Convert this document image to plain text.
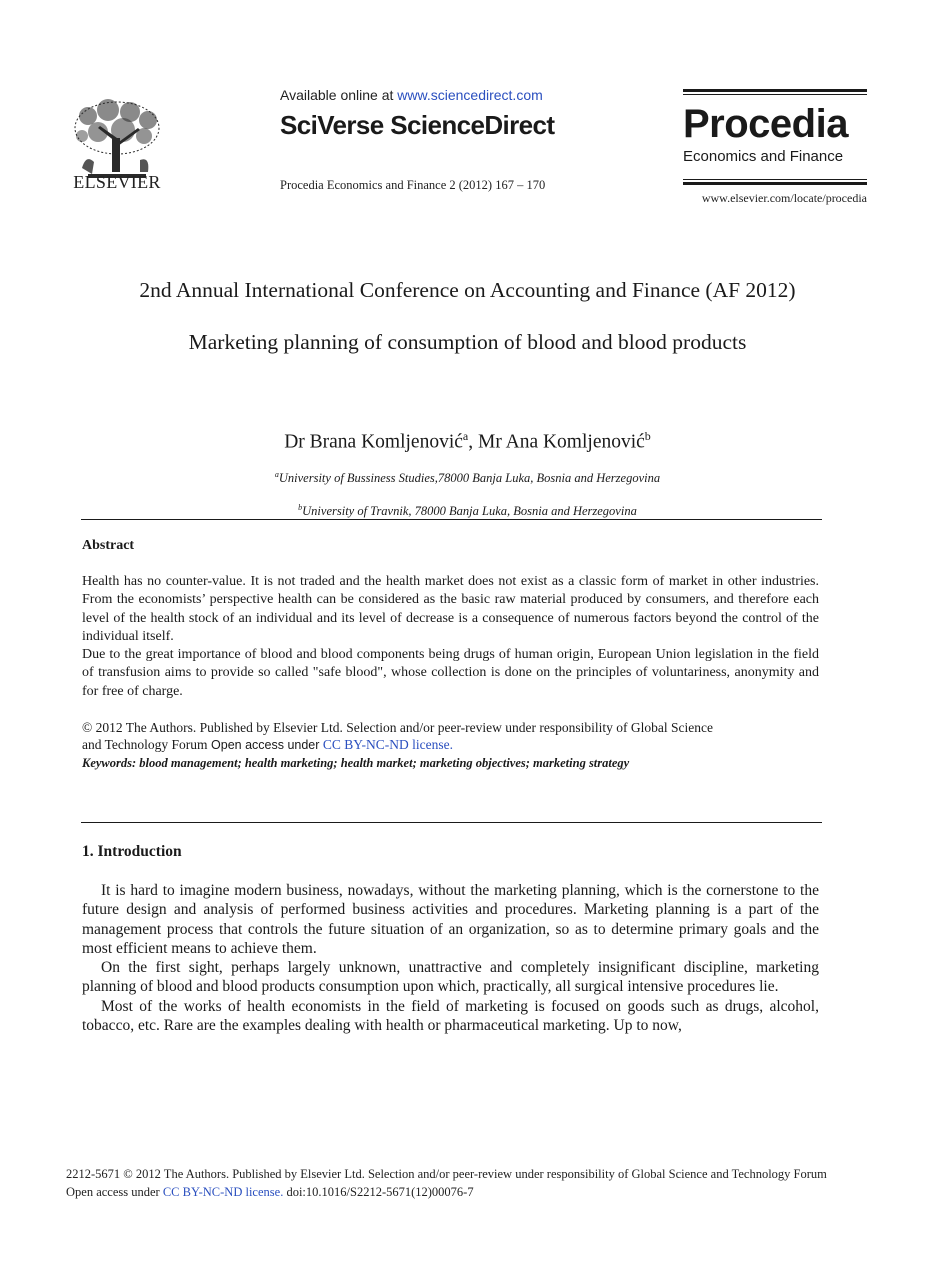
ELSEVIER
Available online at www.sciencedirect.com
SciVerse ScienceDirect
Procedia Economics and Finance 2 (2012) 167 – 170
Procedia
Economics and Finance
www.elsevier.com/locate/procedia
2nd Annual International Conference on Accounting and Finance (AF 2012)
Marketing planning of consumption of blood and blood products
Dr Brana Komljenović$^a$, Mr Ana Komljenović$^b$
$^a$University of Bussiness Studies,78000 Banja Luka, Bosnia and Herzegovina
$^b$University of Travnik, 78000 Banja Luka, Bosnia and Herzegovina
Abstract

Health has no counter-value. It is not traded and the health market does not exist as a classic form of market in other industries. From the economists’ perspective health can be considered as the basic raw material produced by consumers, and therefore each level of the health stock of an individual and its level of decrease is a consequence of numerous factors beyond the control of the individual itself.

Due to the great importance of blood and blood components being drugs of human origin, European Union legislation in the field of transfusion aims to provide so called "safe blood", whose collection is done on the principles of voluntariness, anonymity and for free of charge.

© 2012 The Authors. Published by Elsevier Ltd. Selection and/or peer-review under responsibility of Global Science
and Technology Forum Open access under CC BY-NC-ND license.
Keywords: blood management; health marketing; health market; marketing objectives; marketing strategy
1. Introduction

It is hard to imagine modern business, nowadays, without the marketing planning, which is the cornerstone to the future design and analysis of performed business activities and procedures. Marketing planning is a part of the management process that controls the future situation of an organization, so as to determine primary goals and the most efficient means to achieve them.

On the first sight, perhaps largely unknown, unattractive and completely insignificant discipline, marketing planning of blood and blood products consumption upon which, practically, all surgical intensive procedures lie.

Most of the works of health economists in the field of marketing is focused on goods such as drugs, alcohol, tobacco, etc. Rare are the examples dealing with health or pharmaceutical marketing. Up to now,

2212-5671 © 2012 The Authors. Published by Elsevier Ltd. Selection and/or peer-review under responsibility of Global Science and Technology Forum
Open access under CC BY-NC-ND license. doi:10.1016/S2212-5671(12)00076-7
